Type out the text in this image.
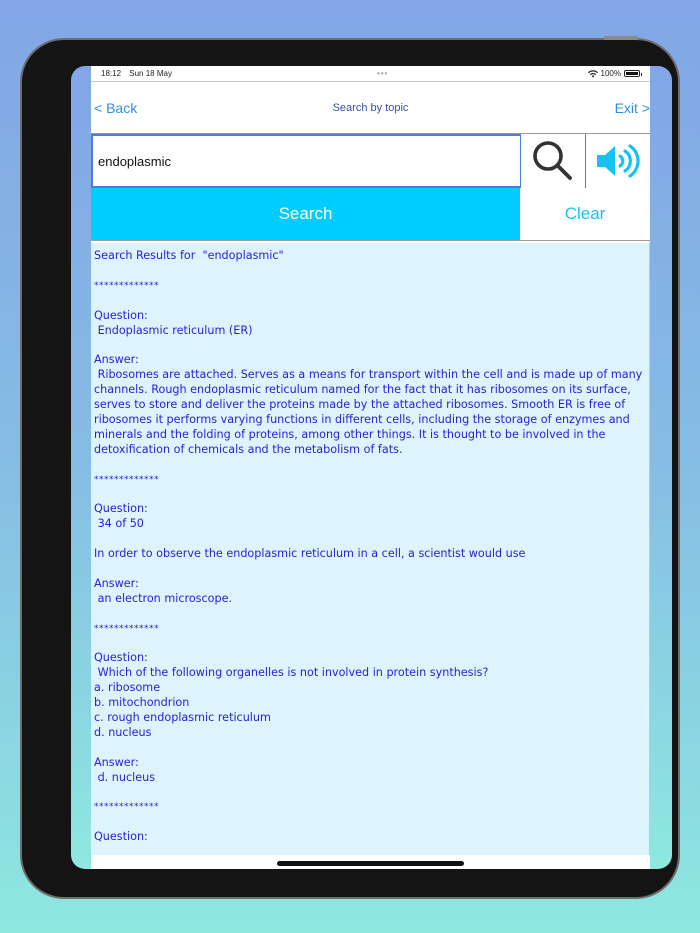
18:12 Sun 18 May	•••	100%
< Back	Search by topic	Exit >
endoplasmic
Search	Clear

Search Results for  "endoplasmic"

*************

Question:
Endoplasmic reticulum (ER)

Answer:
Ribosomes are attached. Serves as a means for transport within the cell and is made up of many channels. Rough endoplasmic reticulum named for the fact that it has ribosomes on its surface, serves to store and deliver the proteins made by the attached ribosomes. Smooth ER is free of ribosomes it performs varying functions in different cells, including the storage of enzymes and minerals and the folding of proteins, among other things. It is thought to be involved in the detoxification of chemicals and the metabolism of fats.

*************

Question:
34 of 50

In order to observe the endoplasmic reticulum in a cell, a scientist would use

Answer:
an electron microscope.

*************

Question:
Which of the following organelles is not involved in protein synthesis?
a. ribosome
b. mitochondrion
c. rough endoplasmic reticulum
d. nucleus

Answer:
d. nucleus

*************

Question:
